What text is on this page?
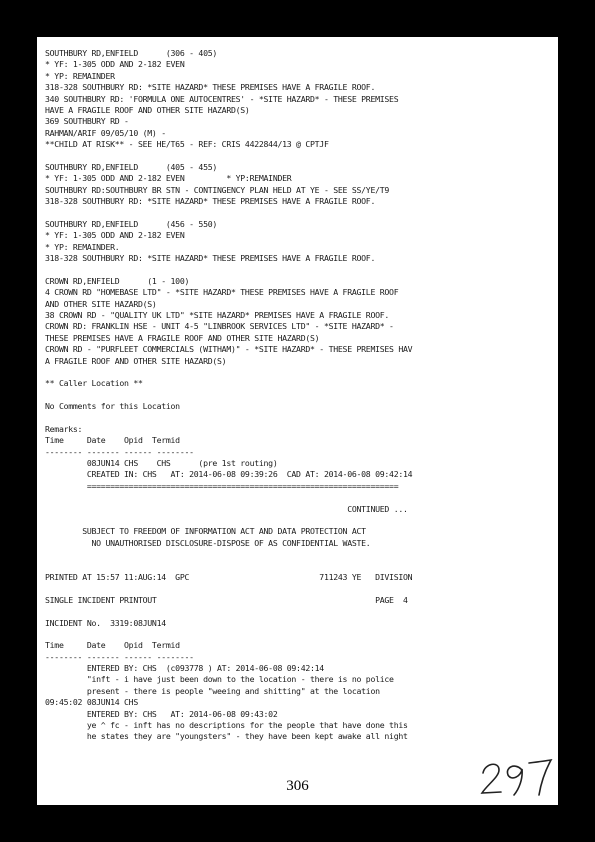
SOUTHBURY RD,ENFIELD      (306 - 405)
* YF: 1-305 ODD AND 2-182 EVEN
* YP: REMAINDER
318-328 SOUTHBURY RD: *SITE HAZARD* THESE PREMISES HAVE A FRAGILE ROOF.
340 SOUTHBURY RD: 'FORMULA ONE AUTOCENTRES' - *SITE HAZARD* - THESE PREMISES
HAVE A FRAGILE ROOF AND OTHER SITE HAZARD(S)
369 SOUTHBURY RD -
RAHMAN/ARIF 09/05/10 (M) -
**CHILD AT RISK** - SEE HE/T65 - REF: CRIS 4422844/13 @ CPTJF
SOUTHBURY RD,ENFIELD      (405 - 455)
* YF: 1-305 ODD AND 2-182 EVEN         * YP:REMAINDER
SOUTHBURY RD:SOUTHBURY BR STN - CONTINGENCY PLAN HELD AT YE - SEE SS/YE/T9
318-328 SOUTHBURY RD: *SITE HAZARD* THESE PREMISES HAVE A FRAGILE ROOF.
SOUTHBURY RD,ENFIELD      (456 - 550)
* YF: 1-305 ODD AND 2-182 EVEN
* YP: REMAINDER.
318-328 SOUTHBURY RD: *SITE HAZARD* THESE PREMISES HAVE A FRAGILE ROOF.
CROWN RD,ENFIELD      (1 - 100)
4 CROWN RD "HOMEBASE LTD" - *SITE HAZARD* THESE PREMISES HAVE A FRAGILE ROOF
AND OTHER SITE HAZARD(S)
38 CROWN RD - "QUALITY UK LTD" *SITE HAZARD* PREMISES HAVE A FRAGILE ROOF.
CROWN RD: FRANKLIN HSE - UNIT 4-5 "LINBROOK SERVICES LTD" - *SITE HAZARD* -
THESE PREMISES HAVE A FRAGILE ROOF AND OTHER SITE HAZARD(S)
CROWN RD - "PURFLEET COMMERCIALS (WITHAM)" - *SITE HAZARD* - THESE PREMISES HAV
A FRAGILE ROOF AND OTHER SITE HAZARD(S)
** Caller Location **
No Comments for this Location
Remarks:
Time     Date    Opid  Termid
-------- ------- ------ --------
08JUN14 CHS    CHS      (pre 1st routing)
CREATED IN: CHS   AT: 2014-06-08 09:39:26  CAD AT: 2014-06-08 09:42:14
===================================================================
CONTINUED ...
SUBJECT TO FREEDOM OF INFORMATION ACT AND DATA PROTECTION ACT
NO UNAUTHORISED DISCLOSURE-DISPOSE OF AS CONFIDENTIAL WASTE.
PRINTED AT 15:57 11:AUG:14  GPC                            711243 YE   DIVISION
SINGLE INCIDENT PRINTOUT                                               PAGE  4
INCIDENT No.  3319:08JUN14
Time     Date    Opid  Termid
-------- ------- ------ --------
ENTERED BY: CHS  (c093778 ) AT: 2014-06-08 09:42:14
"inft - i have just been down to the location - there is no police
present - there is people "weeing and shitting" at the location
09:45:02 08JUN14 CHS
ENTERED BY: CHS   AT: 2014-06-08 09:43:02
ye ^ fc - inft has no descriptions for the people that have done this
he states they are "youngsters" - they have been kept awake all night
306
